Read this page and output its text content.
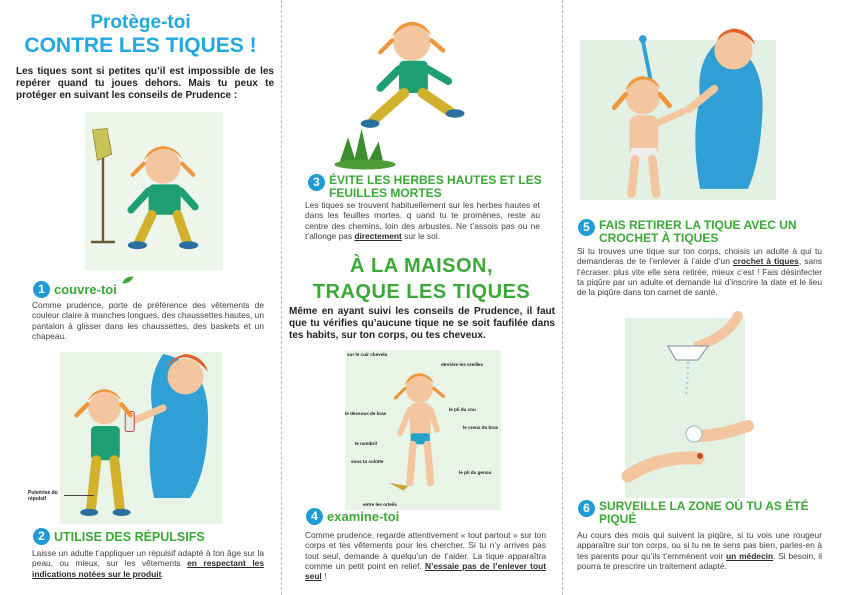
Protège-toi
CONTRE LES TIQUES !

Les tiques sont si petites qu’il est impossible de les repérer quand tu joues dehors. Mais tu peux te protéger en suivant les conseils de Prudence :

1 couvre-toi

Comme prudence, porte de préférence des vêtements de couleur claire à manches longues, des chaussettes hautes, un pantalon à glisser dans les chaussettes, des baskets et un chapeau.

Pulvérise du répulsif
2 UTILISE DES RÉPULSIFS

Laisse un adulte t’appliquer un répulsif adapté à ton âge sur la peau, ou mieux, sur les vêtements en respectant les indications notées sur le produit.

3 ÉVITE LES HERBES HAUTES ET LES FEUILLES MORTES

Les tiques se trouvent habituellement sur les herbes hautes et dans les feuilles mortes. q uand tu te promènes, reste au centre des chemins, loin des arbustes. Ne t’assois pas ou ne t’allonge pas directement sur le sol.

À LA MAISON,
TRAQUE LES TIQUES

Même en ayant suivi les conseils de Prudence, il faut que tu vérifies qu’aucune tique ne se soit faufilée dans tes habits, sur ton corps, ou tes cheveux.

sur le cuir chevelu
derrière les oreilles
le pli du cou
le creux du bras
le dessous de bras
le nombril
sous ta culotte
le pli du genou
entre les orteils
4 examine-toi

Comme prudence, regarde attentivement « tout partout » sur ton corps et tes vêtements pour les chercher. Si tu n’y arrives pas tout seul, demande à quelqu’un de t’aider. La tique apparaîtra comme un petit point en relief. N’essaie pas de l’enlever tout seul !

5 FAIS RETIRER LA TIQUE AVEC UN CROCHET À TIQUES

Si tu trouves une tique sur ton corps, choisis un adulte à qui tu demanderas de te l’enlever à l’aide d’un crochet à tiques, sans l’écraser. plus vite elle sera retirée, mieux c’est ! Fais désinfecter ta piqûre par un adulte et demande lui d’inscrire la date et le lieu de la piqûre dans ton carnet de santé.

6 SURVEILLE LA ZONE OÙ TU AS ÉTÉ PIQUÉ

Au cours des mois qui suivent la piqûre, si tu vois une rougeur apparaître sur ton corps, ou si tu ne te sens pas bien, parles-en à tes parents pour qu’ils t’emmènent voir un médecin. Si besoin, il pourra te prescrire un traitement adapté.
